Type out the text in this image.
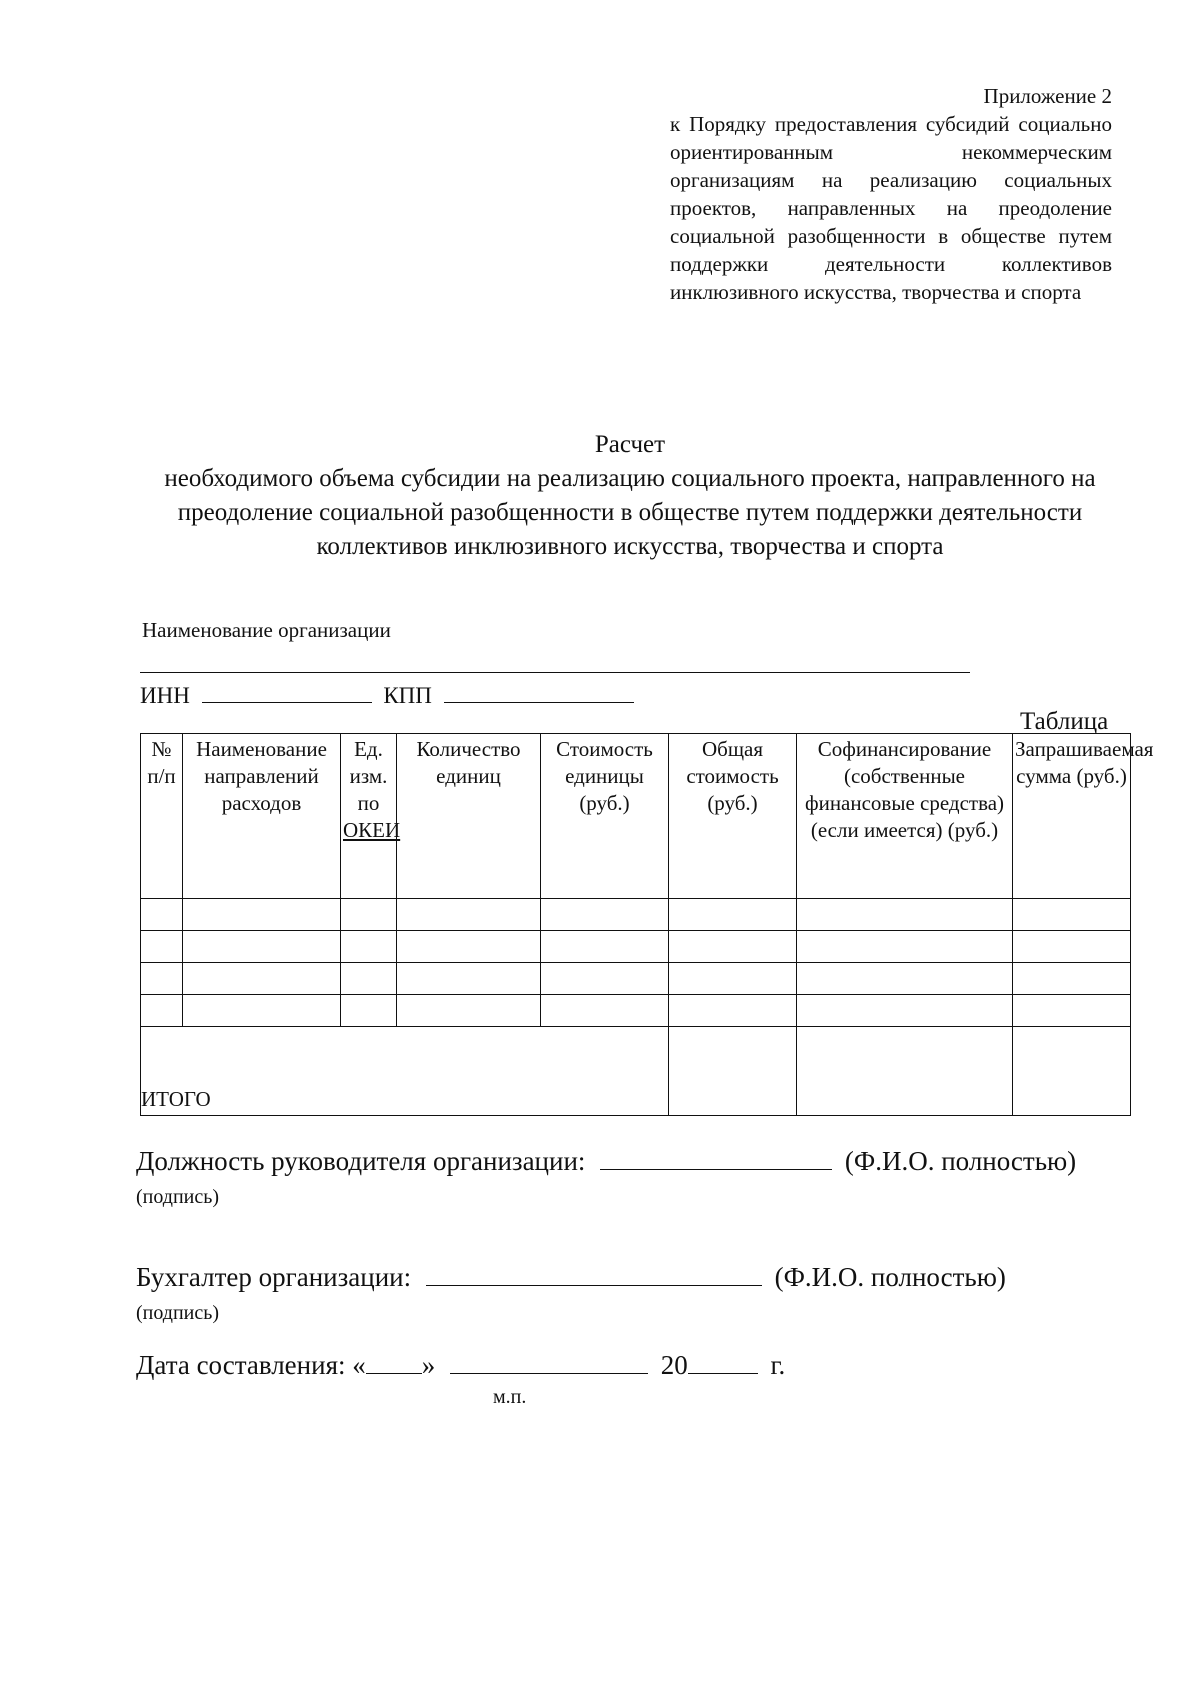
Приложение 2
к Порядку предоставления субсидий социально ориентированным некоммерческим организациям на реализацию социальных проектов, направленных на преодоление социальной разобщенности в обществе путем поддержки деятельности коллективов инклюзивного искусства, творчества и спорта
Расчет
необходимого объема субсидии на реализацию социального проекта, направленного на преодоление социальной разобщенности в обществе путем поддержки деятельности коллективов инклюзивного искусства, творчества и спорта
Наименование организации
ИНН	КПП
Таблица
№ п/п	Наименование направлений расходов	Ед. изм. по ОКЕИ	Количество единиц	Стоимость единицы (руб.)	Общая стоимость (руб.)	Софинансирование (собственные финансовые средства) (если имеется) (руб.)	Запрашиваемая сумма (руб.)

ИТОГО							
Должность руководителя организации:	(Ф.И.О. полностью)
(подпись)
Бухгалтер организации:	(Ф.И.О. полностью)
(подпись)
Дата составления: « »	20	г.
м.п.
